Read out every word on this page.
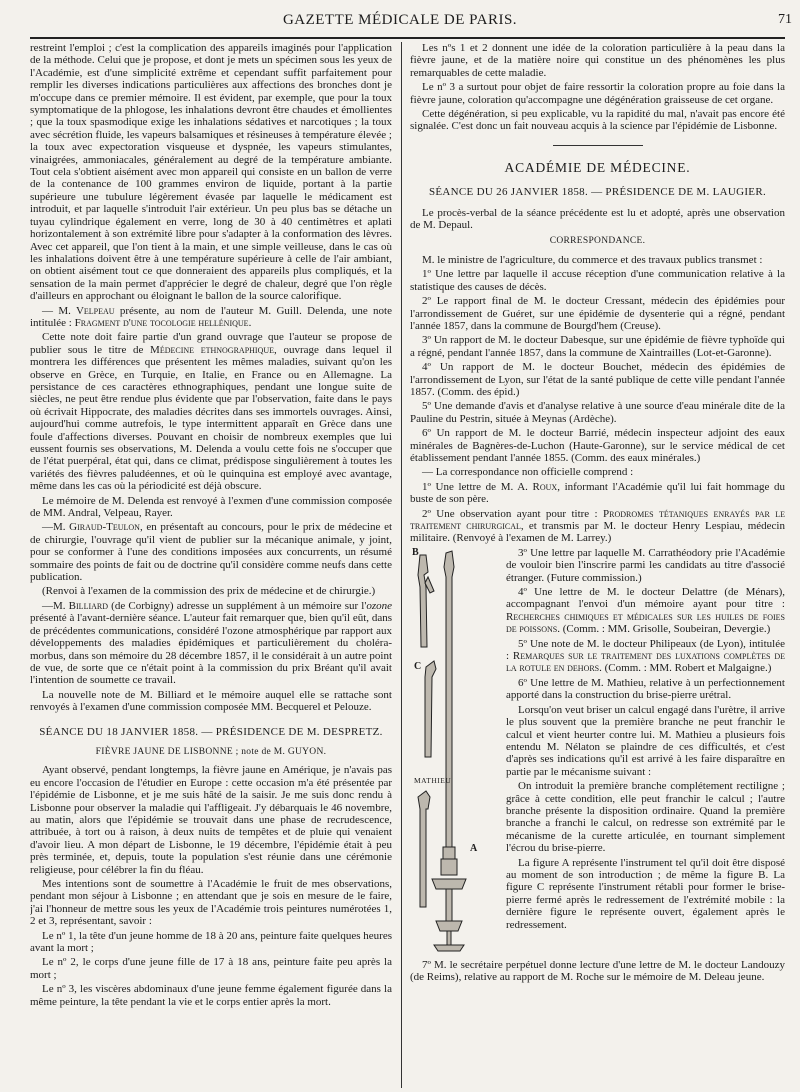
GAZETTE MÉDICALE DE PARIS.	71

restreint l'emploi ; c'est la complication des appareils imaginés pour l'application de la méthode. Celui que je propose, et dont je mets un spécimen sous les yeux de l'Académie, est d'une simplicité extrême et cependant suffit parfaitement pour remplir les diverses indications particulières aux affections des bronches dont je m'occupe dans ce premier mémoire. Il est évident, par exemple, que pour la toux symptomatique de la phlogose, les inhalations devront être chaudes et émollientes ; que la toux spasmodique exige les inhalations sédatives et narcotiques ; la toux avec sécrétion fluide, les vapeurs balsamiques et résineuses à température élevée ; la toux avec expectoration visqueuse et dyspnée, les vapeurs stimulantes, vinaigrées, ammoniacales, généralement au degré de la température ambiante. Tout cela s'obtient aisément avec mon appareil qui consiste en un ballon de verre de la contenance de 100 grammes environ de liquide, portant à la partie supérieure une tubulure légèrement évasée par laquelle le médicament est introduit, et par laquelle s'introduit l'air extérieur. Un peu plus bas se détache un tuyau cylindrique également en verre, long de 30 à 40 centimètres et aplati horizontalement à son extrémité libre pour s'adapter à la conformation des lèvres. Avec cet appareil, que l'on tient à la main, et une simple veilleuse, dans le cas où les inhalations doivent être à une température supérieure à celle de l'air ambiant, on obtient aisément tout ce que donneraient des appareils plus compliqués, et la sensation de la main permet d'apprécier le degré de chaleur, degré que l'on règle d'ailleurs en approchant ou éloignant le ballon de la source calorifique.

— M. Velpeau présente, au nom de l'auteur M. Guill. Delenda, une note intitulée : Fragment d'une tocologie hellénique.

Cette note doit faire partie d'un grand ouvrage que l'auteur se propose de publier sous le titre de Médecine ethnographique, ouvrage dans lequel il montrera les différences que présentent les mêmes maladies, suivant qu'on les observe en Grèce, en Turquie, en Italie, en France ou en Allemagne. La persistance de ces caractères ethnographiques, pendant une longue suite de siècles, ne peut être rendue plus évidente que par l'observation, faite dans le pays où écrivait Hippocrate, des maladies décrites dans ses immortels ouvrages. Ainsi, aujourd'hui comme autrefois, le type intermittent apparaît en Grèce dans une foule d'affections diverses. Pouvant en choisir de nombreux exemples que lui eussent fournis ses observations, M. Delenda a voulu cette fois ne s'occuper que de l'état puerpéral, état qui, dans ce climat, prédispose singulièrement à toutes les variétés des fièvres paludéennes, et où le quinquina est employé avec avantage, même dans les cas où la périodicité est déjà obscure.

Le mémoire de M. Delenda est renvoyé à l'exmen d'une commission composée de MM. Andral, Velpeau, Rayer.

—M. Giraud-Teulon, en présentaft au concours, pour le prix de médecine et de chirurgie, l'ouvrage qu'il vient de publier sur la mécanique animale, y joint, pour se conformer à l'une des conditions imposées aux concurrents, un résumé sommaire des points de fait ou de doctrine qu'il considère comme neufs dans cette publication.

(Renvoi à l'examen de la commission des prix de médecine et de chirurgie.)

—M. Billiard (de Corbigny) adresse un supplément à un mémoire sur l'ozone présenté à l'avant-dernière séance. L'auteur fait remarquer que, bien qu'il eût, dans de précédentes communications, considéré l'ozone atmosphérique par rapport aux développements des maladies épidémiques et particulièrement du choléra-morbus, dans son mémoire du 28 décembre 1857, il le considérait à un autre point de vue, de sorte que ce n'était point à la commission du prix Bréant qu'il avait l'intention de soumette ce travail.

La nouvelle note de M. Billiard et le mémoire auquel elle se rattache sont renvoyés à l'examen d'une commission composée MM. Becquerel et Pelouze.

SÉANCE DU 18 JANVIER 1858. — PRÉSIDENCE DE M. DESPRETZ.
FIÈVRE JAUNE DE LISBONNE ; note de M. GUYON.

Ayant observé, pendant longtemps, la fièvre jaune en Amérique, je n'avais pas eu encore l'occasion de l'étudier en Europe : cette occasion m'a été présentée par l'épidémie de Lisbonne, et je me suis hâté de la saisir. Je me suis donc rendu à Lisbonne pour observer la maladie qui l'affligeait. J'y débarquais le 46 novembre, au matin, alors que l'épidémie se trouvait dans une phase de recrudescence, attribuée, à tort ou à raison, à deux nuits de tempêtes et de pluie qui venaient d'avoir lieu. A mon départ de Lisbonne, le 19 décembre, l'épidémie était à peu près terminée, et, depuis, toute la population s'est réunie dans une cérémonie religieuse, pour célébrer la fin du fléau.

Mes intentions sont de soumettre à l'Académie le fruit de mes observations, pendant mon séjour à Lisbonne ; en attendant que je sois en mesure de le faire, j'ai l'honneur de mettre sous les yeux de l'Académie trois peintures numérotées 1, 2 et 3, représentant, savoir :

Le nº 1, la tête d'un jeune homme de 18 à 20 ans, peinture faite quelques heures avant la mort ;

Le nº 2, le corps d'une jeune fille de 17 à 18 ans, peinture faite peu après la mort ;

Le nº 3, les viscères abdominaux d'une jeune femme également figurée dans la même peinture, la tête pendant la vie et le corps entier après la mort.

Les nºs 1 et 2 donnent une idée de la coloration particulière à la peau dans la fièvre jaune, et de la matière noire qui constitue un des phénomènes les plus remarquables de cette maladie.

Le nº 3 a surtout pour objet de faire ressortir la coloration propre au foie dans la fièvre jaune, coloration qu'accompagne une dégénération graisseuse de cet organe.

Cette dégénération, si peu explicable, vu la rapidité du mal, n'avait pas encore été signalée. C'est donc un fait nouveau acquis à la science par l'épidémie de Lisbonne.

ACADÉMIE DE MÉDECINE.
SÉANCE DU 26 JANVIER 1858. — PRÉSIDENCE DE M. LAUGIER.

Le procès-verbal de la séance précédente est lu et adopté, après une observation de M. Depaul.

CORRESPONDANCE.

M. le ministre de l'agriculture, du commerce et des travaux publics transmet :

1º Une lettre par laquelle il accuse réception d'une communication relative à la statistique des causes de décès.

2º Le rapport final de M. le docteur Cressant, médecin des épidémies pour l'arrondissement de Guéret, sur une épidémie de dysenterie qui a régné, pendant l'année 1857, dans la commune de Bourgd'hem (Creuse).

3º Un rapport de M. le docteur Dabesque, sur une épidémie de fièvre typhoïde qui a régné, pendant l'année 1857, dans la commune de Xaintrailles (Lot-et-Garonne).

4º Un rapport de M. le docteur Bouchet, médecin des épidémies de l'arrondissement de Lyon, sur l'état de la santé publique de cette ville pendant l'année 1857. (Comm. des épid.)

5º Une demande d'avis et d'analyse relative à une source d'eau minérale dite de la Pauline du Pestrin, située à Meynas (Ardèche).

6º Un rapport de M. le docteur Barrié, médecin inspecteur adjoint des eaux minérales de Bagnères-de-Luchon (Haute-Garonne), sur le service médical de cet établissement pendant l'année 1855. (Comm. des eaux minérales.)

— La correspondance non officielle comprend :

1º Une lettre de M. A. Roux, informant l'Académie qu'il lui fait hommage du buste de son père.

2º Une observation ayant pour titre : Prodromes tétaniques enrayés par le traitement chirurgical, et transmis par M. le docteur Henry Lespiau, médecin militaire. (Renvoyé à l'examen de M. Larrey.)

B
C
A
MATHIEU

3º Une lettre par laquelle M. Carrathéodory prie l'Académie de vouloir bien l'inscrire parmi les candidats au titre d'associé étranger. (Future commission.)

4º Une lettre de M. le docteur Delattre (de Ménars), accompagnant l'envoi d'un mémoire ayant pour titre : Recherches chimiques et médicales sur les huiles de foies de poissons. (Comm. : MM. Grisolle, Soubeiran, Devergie.)

5º Une note de M. le docteur Philipeaux (de Lyon), intitulée : Remarques sur le traitement des luxations complètes de la rotule en dehors. (Comm. : MM. Robert et Malgaigne.)

6º Une lettre de M. Mathieu, relative à un perfectionnement apporté dans la construction du brise-pierre urétral.

Lorsqu'on veut briser un calcul engagé dans l'urètre, il arrive le plus souvent que la première branche ne peut franchir le calcul et vient heurter contre lui. M. Mathieu a plusieurs fois entendu M. Nélaton se plaindre de ces difficultés, et c'est d'après ses indications qu'il est arrivé à les faire disparaître en partie par le mécanisme suivant :

On introduit la première branche complétement rectiligne ; grâce à cette condition, elle peut franchir le calcul ; l'autre branche présente la disposition ordinaire. Quand la première branche a franchi le calcul, on redresse son extrémité par le mécanisme de la curette articulée, en tournant simplement l'écrou du brise-pierre.

La figure A représente l'instrument tel qu'il doit être disposé au moment de son introduction ; de même la figure B. La figure C représente l'instrument rétabli pour former le brise-pierre fermé après le redressement de l'extrémité mobile : la dernière figure le représente ouvert, également après le redressement.

7º M. le secrétaire perpétuel donne lecture d'une lettre de M. le docteur Landouzy (de Reims), relative au rapport de M. Roche sur le mémoire de M. Deleau jeune.
